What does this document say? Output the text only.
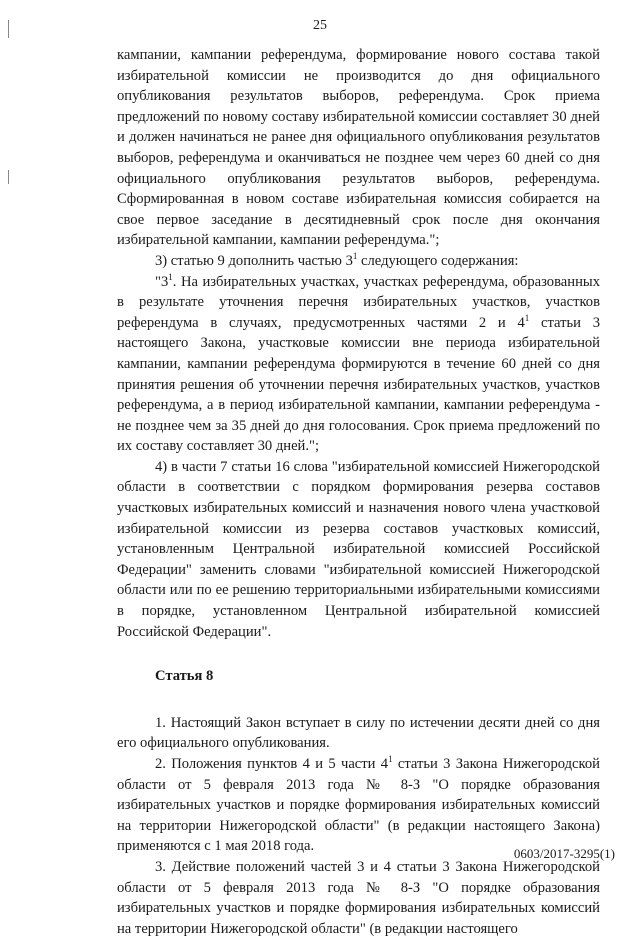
25

кампании, кампании референдума, формирование нового состава такой избирательной комиссии не производится до дня официального опубликования результатов выборов, референдума. Срок приема предложений по новому составу избирательной комиссии составляет 30 дней и должен начинаться не ранее дня официального опубликования результатов выборов, референдума и оканчиваться не позднее чем через 60 дней со дня официального опубликования результатов выборов, референдума. Сформированная в новом составе избирательная комиссия собирается на свое первое заседание в десятидневный срок после дня окончания избирательной кампании, кампании референдума.";

3) статью 9 дополнить частью $3^1$ следующего содержания:

"$3^1$. На избирательных участках, участках референдума, образованных в результате уточнения перечня избирательных участков, участков референдума в случаях, предусмотренных частями 2 и $4^1$ статьи 3 настоящего Закона, участковые комиссии вне периода избирательной кампании, кампании референдума формируются в течение 60 дней со дня принятия решения об уточнении перечня избирательных участков, участков референдума, а в период избирательной кампании, кампании референдума - не позднее чем за 35 дней до дня голосования. Срок приема предложений по их составу составляет 30 дней.";

4) в части 7 статьи 16 слова "избирательной комиссией Нижегородской области в соответствии с порядком формирования резерва составов участковых избирательных комиссий и назначения нового члена участковой избирательной комиссии из резерва составов участковых комиссий, установленным Центральной избирательной комиссией Российской Федерации" заменить словами "избирательной комиссией Нижегородской области или по ее решению территориальными избирательными комиссиями в порядке, установленном Центральной избирательной комиссией Российской Федерации".

Статья 8

1. Настоящий Закон вступает в силу по истечении десяти дней со дня его официального опубликования.

2. Положения пунктов 4 и 5 части $4^1$ статьи 3 Закона Нижегородской области от 5 февраля 2013 года № 8-З "О порядке образования избирательных участков и порядке формирования избирательных комиссий на территории Нижегородской области" (в редакции настоящего Закона) применяются с 1 мая 2018 года.

3. Действие положений частей 3 и 4 статьи 3 Закона Нижегородской области от 5 февраля 2013 года № 8-З "О порядке образования избирательных участков и порядке формирования избирательных комиссий на территории Нижегородской области" (в редакции настоящего

0603/2017-3295(1)
